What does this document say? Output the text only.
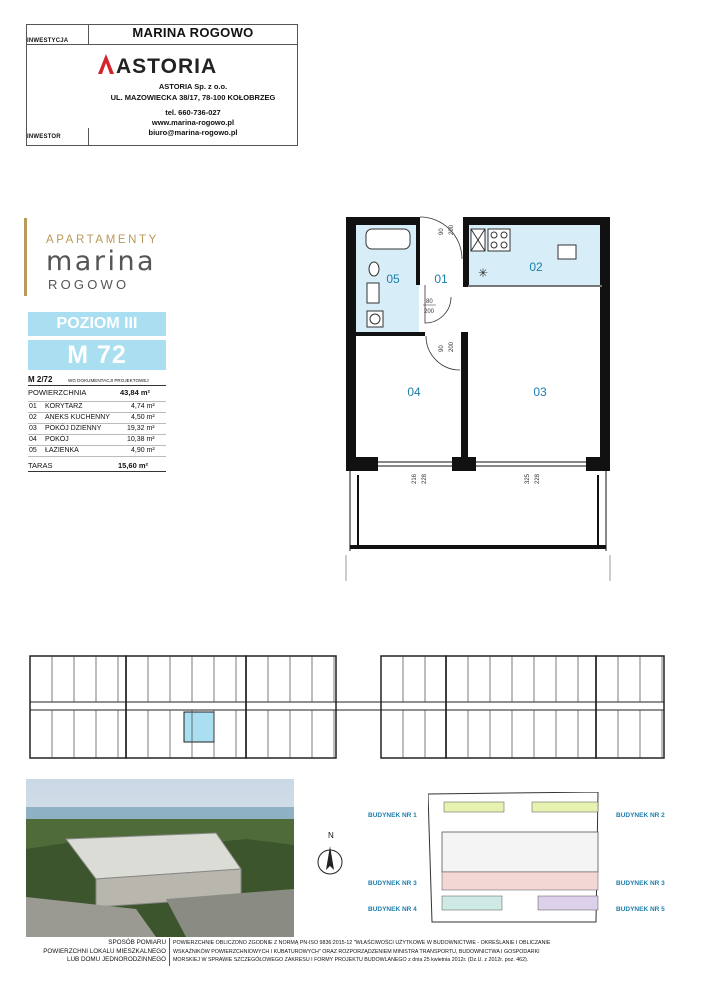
INWESTYCJA
MARINA ROGOWO
ASTORIA
ASTORIA Sp. z o.o.
UL. MAZOWIECKA 38/17, 78-100 KOŁOBRZEG
tel. 660-736-027
www.marina-rogowo.pl
biuro@marina-rogowo.pl
INWESTOR
APARTAMENTY
marina
ROGOWO
POZIOM III
M 72
M 2/72	WG DOKUMENTACJI PROJEKTOWEJ
POWIERZCHNIA	43,84 m²
01 KORYTARZ	4,74 m²
02 ANEKS KUCHENNY	4,50 m²
03 POKÓJ DZIENNY	19,32 m²
04 POKÓJ	10,38 m²
05 ŁAZIENKA	4,90 m²
TARAS	15,60 m²
✳
05	01
02
03
04
90 200
80
200
90 200
216 228	325 228
N
BUDYNEK NR 1	BUDYNEK NR 2
BUDYNEK NR 3	BUDYNEK NR 3
BUDYNEK NR 4	BUDYNEK NR 5
SPOSÓB POMIARU
POWIERZCHNI LOKALU MIESZKALNEGO
LUB DOMU JEDNORODZINNEGO
POWIERZCHNIE OBLICZONO ZGODNIE Z NORMĄ PN-ISO 9836:2015-12 "WŁAŚCIWOŚCI UŻYTKOWE W BUDOWNICTWIE - OKREŚLANIE I OBLICZANIE
WSKAŹNIKÓW POWIERZCHNIOWYCH I KUBATUROWYCH" ORAZ ROZPORZĄDZENIEM MINISTRA TRANSPORTU, BUDOWNICTWA I GOSPODARKI
MORSKIEJ W SPRAWIE SZCZEGÓŁOWEGO ZAKRESU I FORMY PROJEKTU BUDOWLANEGO z dnia 25 kwietnia 2012r. (Dz.U. z 2012r. poz. 462).
